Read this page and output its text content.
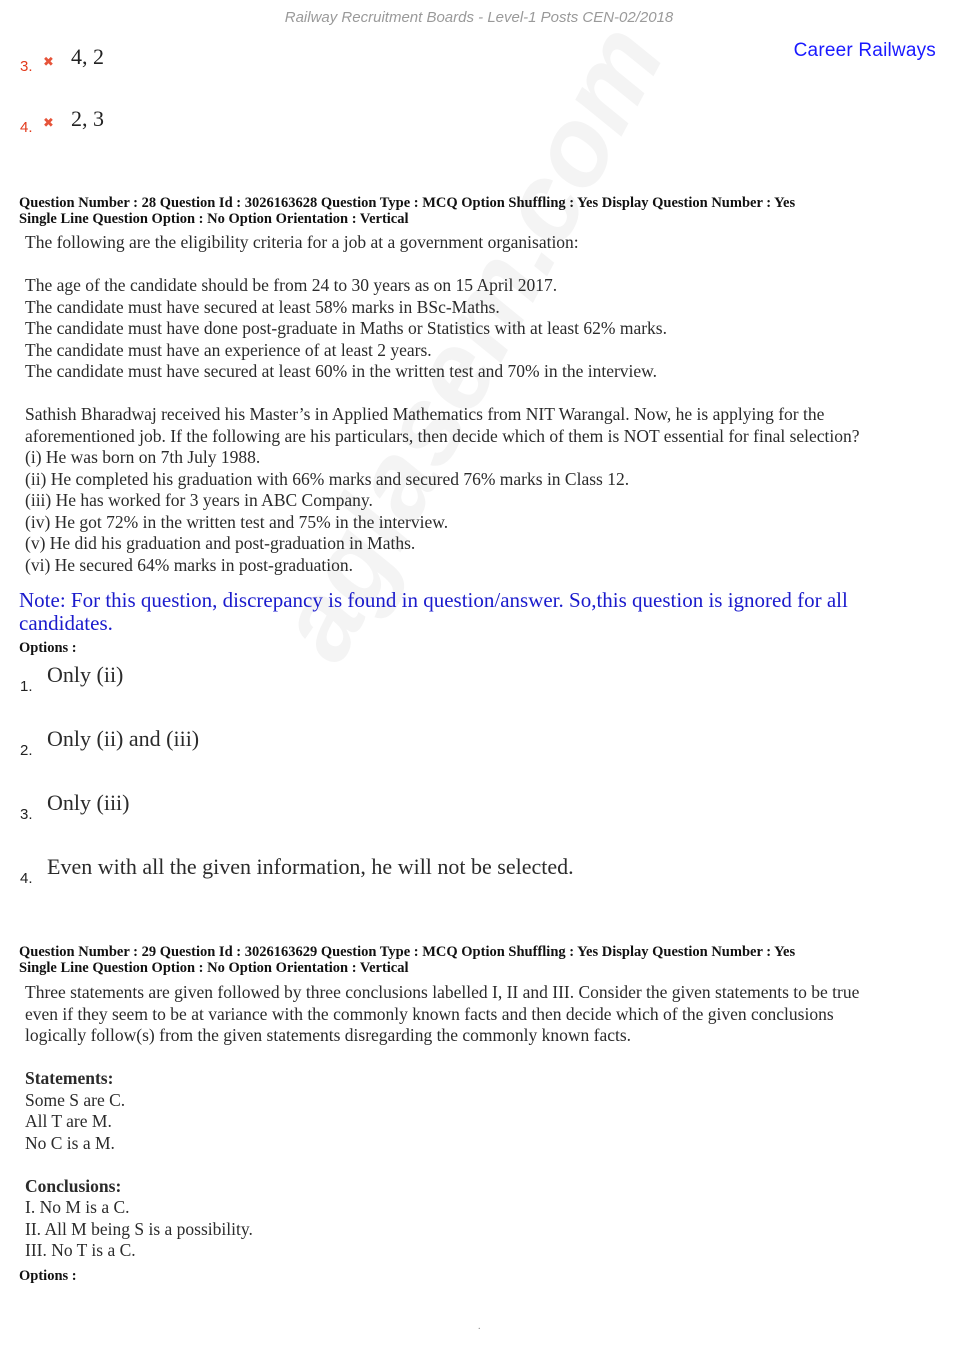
Railway Recruitment Boards - Level-1 Posts CEN-02/2018
Career Railways
3. ✖ 4, 2
4. ✖ 2, 3
Question Number : 28 Question Id : 3026163628 Question Type : MCQ Option Shuffling : Yes Display Question Number : Yes
Single Line Question Option : No Option Orientation : Vertical

The following are the eligibility criteria for a job at a government organisation:

The age of the candidate should be from 24 to 30 years as on 15 April 2017.

The candidate must have secured at least 58% marks in BSc-Maths.

The candidate must have done post-graduate in Maths or Statistics with at least 62% marks.

The candidate must have an experience of at least 2 years.

The candidate must have secured at least 60% in the written test and 70% in the interview.

Sathish Bharadwaj received his Master’s in Applied Mathematics from NIT Warangal. Now, he is applying for the

aforementioned job. If the following are his particulars, then decide which of them is NOT essential for final selection?

(i) He was born on 7th July 1988.

(ii) He completed his graduation with 66% marks and secured 76% marks in Class 12.

(iii) He has worked for 3 years in ABC Company.

(iv) He got 72% in the written test and 75% in the interview.

(v) He did his graduation and post-graduation in Maths.

(vi) He secured 64% marks in post-graduation.

Note: For this question, discrepancy is found in question/answer. So,this question is ignored for all candidates.
Options :
1. Only (ii)
2. Only (ii) and (iii)
3. Only (iii)
4. Even with all the given information, he will not be selected.
Question Number : 29 Question Id : 3026163629 Question Type : MCQ Option Shuffling : Yes Display Question Number : Yes
Single Line Question Option : No Option Orientation : Vertical

Three statements are given followed by three conclusions labelled I, II and III. Consider the given statements to be true

even if they seem to be at variance with the commonly known facts and then decide which of the given conclusions

logically follow(s) from the given statements disregarding the commonly known facts.

Statements:

Some S are C.

All T are M.

No C is a M.

Conclusions:

I. No M is a C.

II. All M being S is a possibility.

III. No T is a C.

Options :
.
